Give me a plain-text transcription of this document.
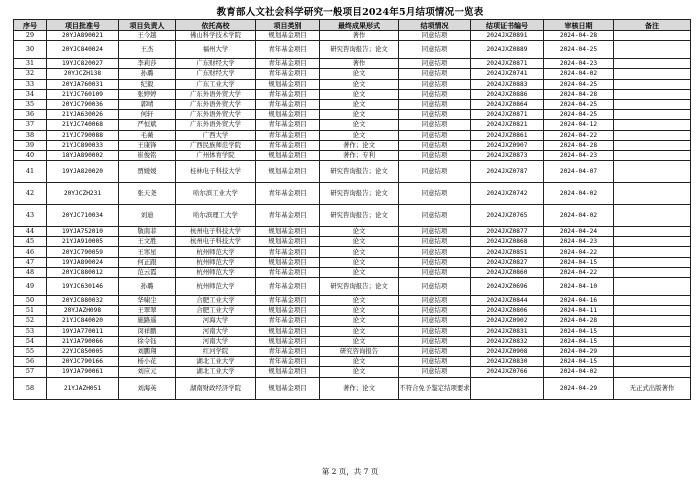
教育部人文社会科学研究一般项目2024年5月结项情况一览表
序号	项目批准号	项目负责人	依托高校	项目类别	最终成果形式	结项情况	结项证书编号	审核日期	备注
29	20YJA890021	王今越	佛山科学技术学院	规划基金项目	著作	同意结项	2024JXZ0891	2024-04-28	
30	20YJC840024	王杰	福州大学	青年基金项目	研究咨询报告；论文	同意结项	2024JXZ0889	2024-04-25	
31	19YJC820027	李莉莎	广东财经大学	青年基金项目	著作	同意结项	2024JXZ0871	2024-04-23	
32	20YJCZH138	孙璐	广东财经大学	青年基金项目	论文	同意结项	2024JXZ0741	2024-04-02	
33	20YJA760031	纪毅	广东工业大学	规划基金项目	论文	同意结项	2024JXZ0883	2024-04-25	
34	21YJC760109	张婷婷	广东外语外贸大学	青年基金项目	论文	同意结项	2024JXZ0886	2024-04-28	
35	20YJC790036	郭晴	广东外语外贸大学	青年基金项目	论文	同意结项	2024JXZ0864	2024-04-25	
36	21YJA630026	何轩	广东外语外贸大学	规划基金项目	论文	同意结项	2024JXZ0871	2024-04-25	
37	21YJC740068	严恒斌	广东外语外贸大学	青年基金项目	论文	同意结项	2024JXZ0821	2024-04-12	
38	21YJC790088	毛薇	广西大学	青年基金项目	论文	同意结项	2024JXZ0861	2024-04-22	
39	21YJC890033	王康锋	广西民族师范学院	青年基金项目	著作；论文	同意结项	2024JXZ0907	2024-04-28	
40	18YJA890002	崔俊铭	广州体育学院	规划基金项目	著作；专利	同意结项	2024JXZ0873	2024-04-23	
41	19YJA820020	贾媛媛	桂林电子科技大学	规划基金项目	研究咨询报告；论文	同意结项	2024JXZ0787	2024-04-07	
42	20YJCZH231	张天尧	哈尔滨工业大学	青年基金项目	研究咨询报告；论文	同意结项	2024JXZ0742	2024-04-02	
43	20YJC710034	刘迪	哈尔滨理工大学	青年基金项目	研究咨询报告；论文	同意结项	2024JXZ0765	2024-04-02	
44	19YJA752010	敬南菲	杭州电子科技大学	规划基金项目	论文	同意结项	2024JXZ0877	2024-04-24	
45	21YJA910005	王文胜	杭州电子科技大学	规划基金项目	论文	同意结项	2024JXZ0868	2024-04-23	
46	20YJC790059	王寒星	杭州师范大学	青年基金项目	论文	同意结项	2024JXZ0851	2024-04-22	
47	19YJA890024	何正跟	杭州师范大学	规划基金项目	论文	同意结项	2024JXZ0827	2024-04-15	
48	20YJC880012	范云霞	杭州师范大学	青年基金项目	论文	同意结项	2024JXZ0860	2024-04-22	
49	19YJC630146	孙璐	杭州师范大学	青年基金项目	研究咨询报告；论文	同意结项	2024JXZ0696	2024-04-10	
50	20YJC880032	华啸尘	合肥工业大学	青年基金项目	论文	同意结项	2024JXZ0844	2024-04-16	
51	20YJAZH098	王翠翠	合肥工业大学	规划基金项目	论文	同意结项	2024JXZ0806	2024-04-11	
52	21YJC840020	施路遥	河海大学	青年基金项目	论文	同意结项	2024JXZ0902	2024-04-28	
53	19YJA770011	闵祥鹏	河南大学	规划基金项目	论文	同意结项	2024JXZ0831	2024-04-15	
54	21YJA790066	徐令钰	河南大学	规划基金项目	论文	同意结项	2024JXZ0832	2024-04-15	
55	22YJC850005	刘鹏翔	红河学院	青年基金项目	研究咨询报告	同意结项	2024JXZ0908	2024-04-29	
56	20YJC790166	杨小花	湖北工业大学	青年基金项目	论文	同意结项	2024JXZ0830	2024-04-15	
57	19YJA790061	刘应元	湖北工业大学	规划基金项目	论文	同意结项	2024JXZ0766	2024-04-02	
58	21YJAZH051	刘海英	湖南财政经济学院	规划基金项目	著作；论文	不符合免予鉴定结项要求		2024-04-29	无正式出版著作
第 2 页，共 7 页
